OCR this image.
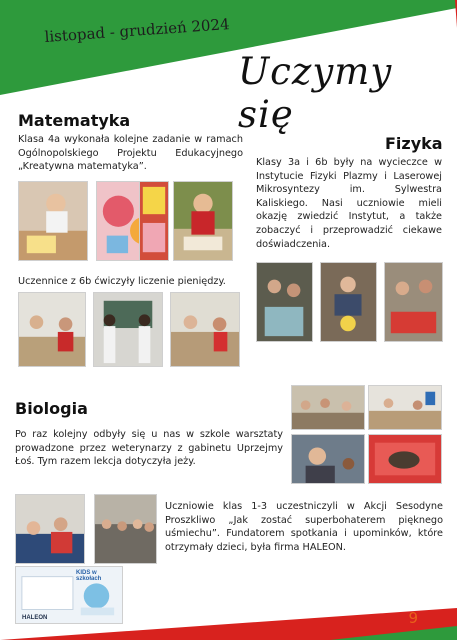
listopad - grudzień 2024
Uczymy się
Matematyka
Klasa 4a wykonała kolejne zadanie w ramach Ogólnopolskiego Projektu Edukacyjnego „Kreatywna matematyka”.
Uczennice z 6b ćwiczyły liczenie pieniędzy.
Fizyka
Klasy 3a i 6b były na wycieczce w Instytucie Fizyki Plazmy i Laserowej Mikrosyntezy im. Sylwestra Kaliskiego. Nasi uczniowie mieli okazję zwiedzić Instytut, a także zobaczyć i przeprowadzić ciekawe doświadczenia.
Biologia
Po raz kolejny odbyły się u nas w szkole warsztaty prowadzone przez weterynarzy z gabinetu Uprzejmy Łoś. Tym razem lekcja dotyczyła jeży.
KIDS w szkołach
HALEON
Uczniowie klas 1-3 uczestniczyli w Akcji Sesodyne Proszkliwo „Jak zostać superbohaterem pięknego uśmiechu”. Fundatorem spotkania i upominków, które otrzymały dzieci, była firma HALEON.
9
